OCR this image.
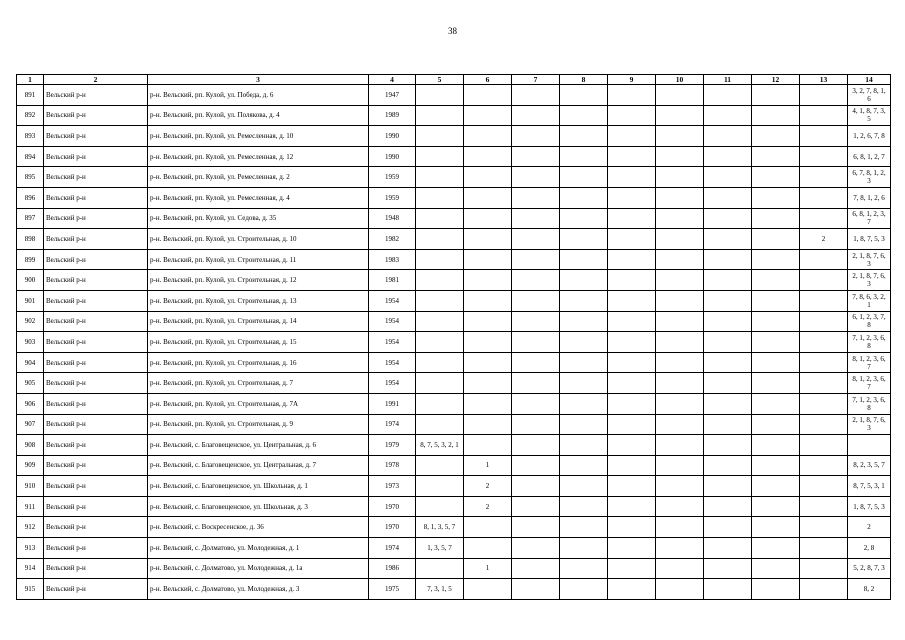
38
1	2	3	4	5	6	7	8	9	10	11	12	13	14
891	Вельский р-н	р-н. Вельский, рп. Кулой, ул. Победа, д. 6	1947										3, 2, 7, 8, 1, 6
892	Вельский р-н	р-н. Вельский, рп. Кулой, ул. Полякова, д. 4	1989										4, 1, 8, 7, 3, 5
893	Вельский р-н	р-н. Вельский, рп. Кулой, ул. Ремесленная, д. 10	1990										1, 2, 6, 7, 8
894	Вельский р-н	р-н. Вельский, рп. Кулой, ул. Ремесленная, д. 12	1990										6, 8, 1, 2, 7
895	Вельский р-н	р-н. Вельский, рп. Кулой, ул. Ремесленная, д. 2	1959										6, 7, 8, 1, 2, 3
896	Вельский р-н	р-н. Вельский, рп. Кулой, ул. Ремесленная, д. 4	1959										7, 8, 1, 2, 6
897	Вельский р-н	р-н. Вельский, рп. Кулой, ул. Седова, д. 35	1948										6, 8, 1, 2, 3, 7
898	Вельский р-н	р-н. Вельский, рп. Кулой, ул. Строительная, д. 10	1982									2	1, 8, 7, 5, 3
899	Вельский р-н	р-н. Вельский, рп. Кулой, ул. Строительная, д. 11	1983										2, 1, 8, 7, 6, 3
900	Вельский р-н	р-н. Вельский, рп. Кулой, ул. Строительная, д. 12	1981										2, 1, 8, 7, 6, 3
901	Вельский р-н	р-н. Вельский, рп. Кулой, ул. Строительная, д. 13	1954										7, 8, 6, 3, 2, 1
902	Вельский р-н	р-н. Вельский, рп. Кулой, ул. Строительная, д. 14	1954										6, 1, 2, 3, 7, 8
903	Вельский р-н	р-н. Вельский, рп. Кулой, ул. Строительная, д. 15	1954										7, 1, 2, 3, 6, 8
904	Вельский р-н	р-н. Вельский, рп. Кулой, ул. Строительная, д. 16	1954										8, 1, 2, 3, 6, 7
905	Вельский р-н	р-н. Вельский, рп. Кулой, ул. Строительная, д. 7	1954										8, 1, 2, 3, 6, 7
906	Вельский р-н	р-н. Вельский, рп. Кулой, ул. Строительная, д. 7А	1991										7, 1, 2, 3, 6, 8
907	Вельский р-н	р-н. Вельский, рп. Кулой, ул. Строительная, д. 9	1974										2, 1, 8, 7, 6, 3
908	Вельский р-н	р-н. Вельский, с. Благовещенское, ул. Центральная, д. 6	1979	8, 7, 5, 3, 2, 1									
909	Вельский р-н	р-н. Вельский, с. Благовещенское, ул. Центральная, д. 7	1978		1								8, 2, 3, 5, 7
910	Вельский р-н	р-н. Вельский, с. Благовещенское, ул. Школьная, д. 1	1973		2								8, 7, 5, 3, 1
911	Вельский р-н	р-н. Вельский, с. Благовещенское, ул. Школьная, д. 3	1970		2								1, 8, 7, 5, 3
912	Вельский р-н	р-н. Вельский, с. Воскресенское, д. 36	1970	8, 1, 3, 5, 7									2
913	Вельский р-н	р-н. Вельский, с. Долматово, ул. Молодежная, д. 1	1974	1, 3, 5, 7									2, 8
914	Вельский р-н	р-н. Вельский, с. Долматово, ул. Молодежная, д. 1а	1986		1								5, 2, 8, 7, 3
915	Вельский р-н	р-н. Вельский, с. Долматово, ул. Молодежная, д. 3	1975	7, 3, 1, 5									8, 2
